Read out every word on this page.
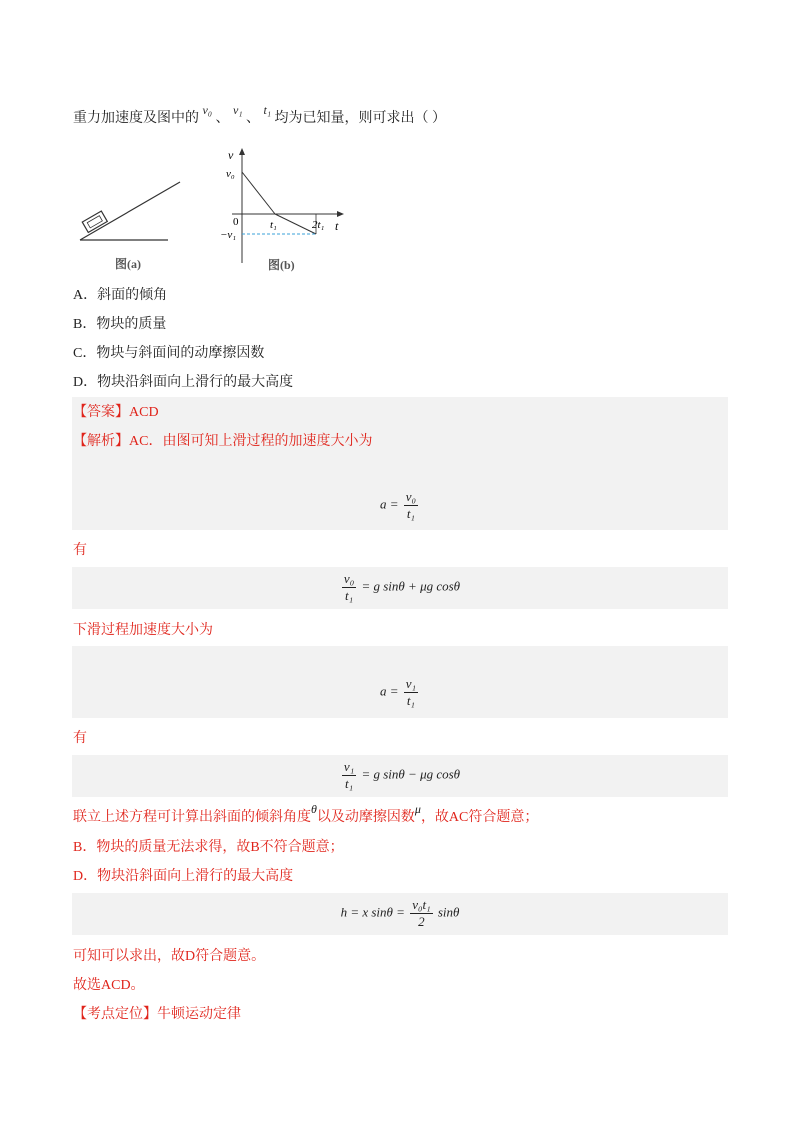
重力加速度及图中的 v₀ 、 v₁ 、 t₁ 均为已知量，则可求出（ ）
图(a)
v
v₀
0	t₁	2t₁ t
−v₁
图(b)
A．斜面的倾角
B．物块的质量
C．物块与斜面间的动摩擦因数
D．物块沿斜面向上滑行的最大高度
【答案】ACD
【解析】AC．由图可知上滑过程的加速度大小为
$a = \frac{\text{v₀}}{\text{t₁}}$
有
$\frac{\text{v₀}}{\text{t₁}} = g$ sinθ + μg cosθ
下滑过程加速度大小为
$a = \frac{\text{v₁}}{\text{t₁}}$
有
$\frac{\text{v₁}}{\text{t₁}} = g$ sinθ − μg cosθ
联立上述方程可计算出斜面的倾斜角度θ以及动摩擦因数μ，故AC符合题意；
B．物块的质量无法求得，故B不符合题意；
D．物块沿斜面向上滑行的最大高度
h = x $\sin\theta = \frac{\text{v₀t₁}}{2}$ sinθ
可知可以求出，故D符合题意。
故选ACD。
【考点定位】牛顿运动定律
